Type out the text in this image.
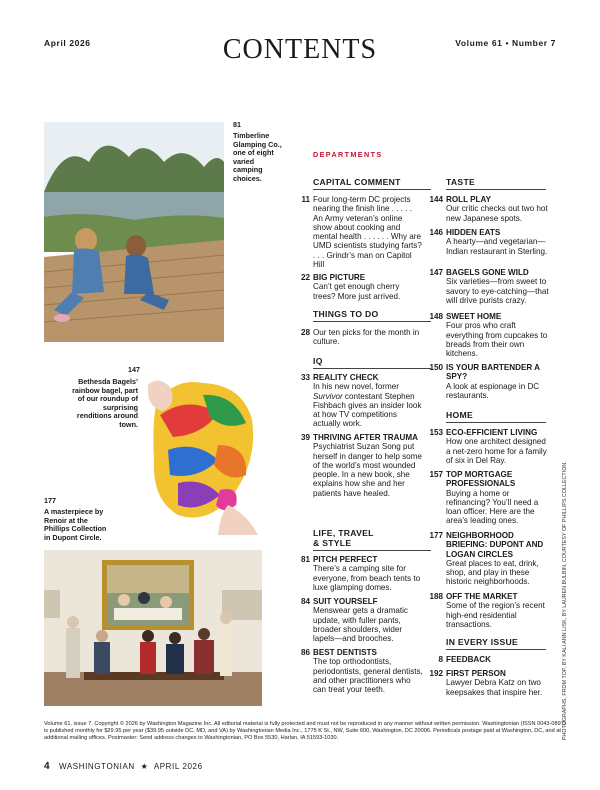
April 2026	CONTENTS	Volume 61 • Number 7
81
Timberline Glamping Co., one of eight varied camping choices.
147
Bethesda Bagels’ rainbow bagel, part of our roundup of surprising renditions around town.
177
A masterpiece by Renoir at the Phillips Collection in Dupont Circle.
DEPARTMENTS
CAPITAL COMMENT
11 Four long-term DC projects nearing the finish line . . . . . An Army veteran’s online show about cooking and mental health . . . . . . Why are UMD scientists studying farts? . . . Grindr’s man on Capitol Hill
22 BIG PICTURE
Can’t get enough cherry trees? More just arrived.
THINGS TO DO
28 Our ten picks for the month in culture.
IQ
33 REALITY CHECK
In his new novel, former Survivor contestant Stephen Fishbach gives an insider look at how TV competitions actually work.
39 THRIVING AFTER TRAUMA
Psychiatrist Suzan Song put herself in danger to help some of the world’s most wounded people. In a new book, she explains how she and her patients have healed.
LIFE, TRAVEL
& STYLE
81 PITCH PERFECT
There’s a camping site for everyone, from beach tents to luxe glamping domes.
84 SUIT YOURSELF
Menswear gets a dramatic update, with fuller pants, broader shoulders, wider lapels—and brooches.
86 BEST DENTISTS
The top orthodontists, periodontists, general dentists, and other practitioners who can treat your teeth.
TASTE
144 ROLL PLAY
Our critic checks out two hot new Japanese spots.
146 HIDDEN EATS
A hearty—and vegetarian—Indian restaurant in Sterling.
147 BAGELS GONE WILD
Six varieties—from sweet to savory to eye-catching—that will drive purists crazy.
148 SWEET HOME
Four pros who craft everything from cupcakes to breads from their own kitchens.
150 IS YOUR BARTENDER A SPY?
A look at espionage in DC restaurants.
HOME
153 ECO-EFFICIENT LIVING
How one architect designed a net-zero home for a family of six in Del Ray.
157 TOP MORTGAGE PROFESSIONALS
Buying a home or refinancing? You’ll need a loan officer. Here are the area’s leading ones.
177 NEIGHBORHOOD BRIEFING: DUPONT AND LOGAN CIRCLES
Great places to eat, drink, shop, and play in these historic neighborhoods.
188 OFF THE MARKET
Some of the region’s recent high-end residential transactions.
IN EVERY ISSUE
8 FEEDBACK
192 FIRST PERSON
Lawyer Debra Katz on two keepsakes that inspire her.	PHOTOGRAPHS, FROM TOP, BY KALI ANN LISK, BY LAUREN BULBIN, COURTESY OF PHILLIPS COLLECTION.
Volume 61, issue 7. Copyright © 2026 by Washington Magazine Inc. All editorial material is fully protected and must not be reproduced in any manner without written permission. Washingtonian (ISSN 0043-0897) is published monthly for $29.95 per year ($39.95 outside DC, MD, and VA) by Washingtonian Media Inc., 1775 K St., NW, Suite 600, Washington, DC 20006. Periodicals postage paid at Washington, DC, and at additional mailing offices. Postmaster: Send address changes to Washingtonian, PO Box 5530, Harlan, IA 51593-1030.
4 WASHINGTONIAN ★ APRIL 2026
